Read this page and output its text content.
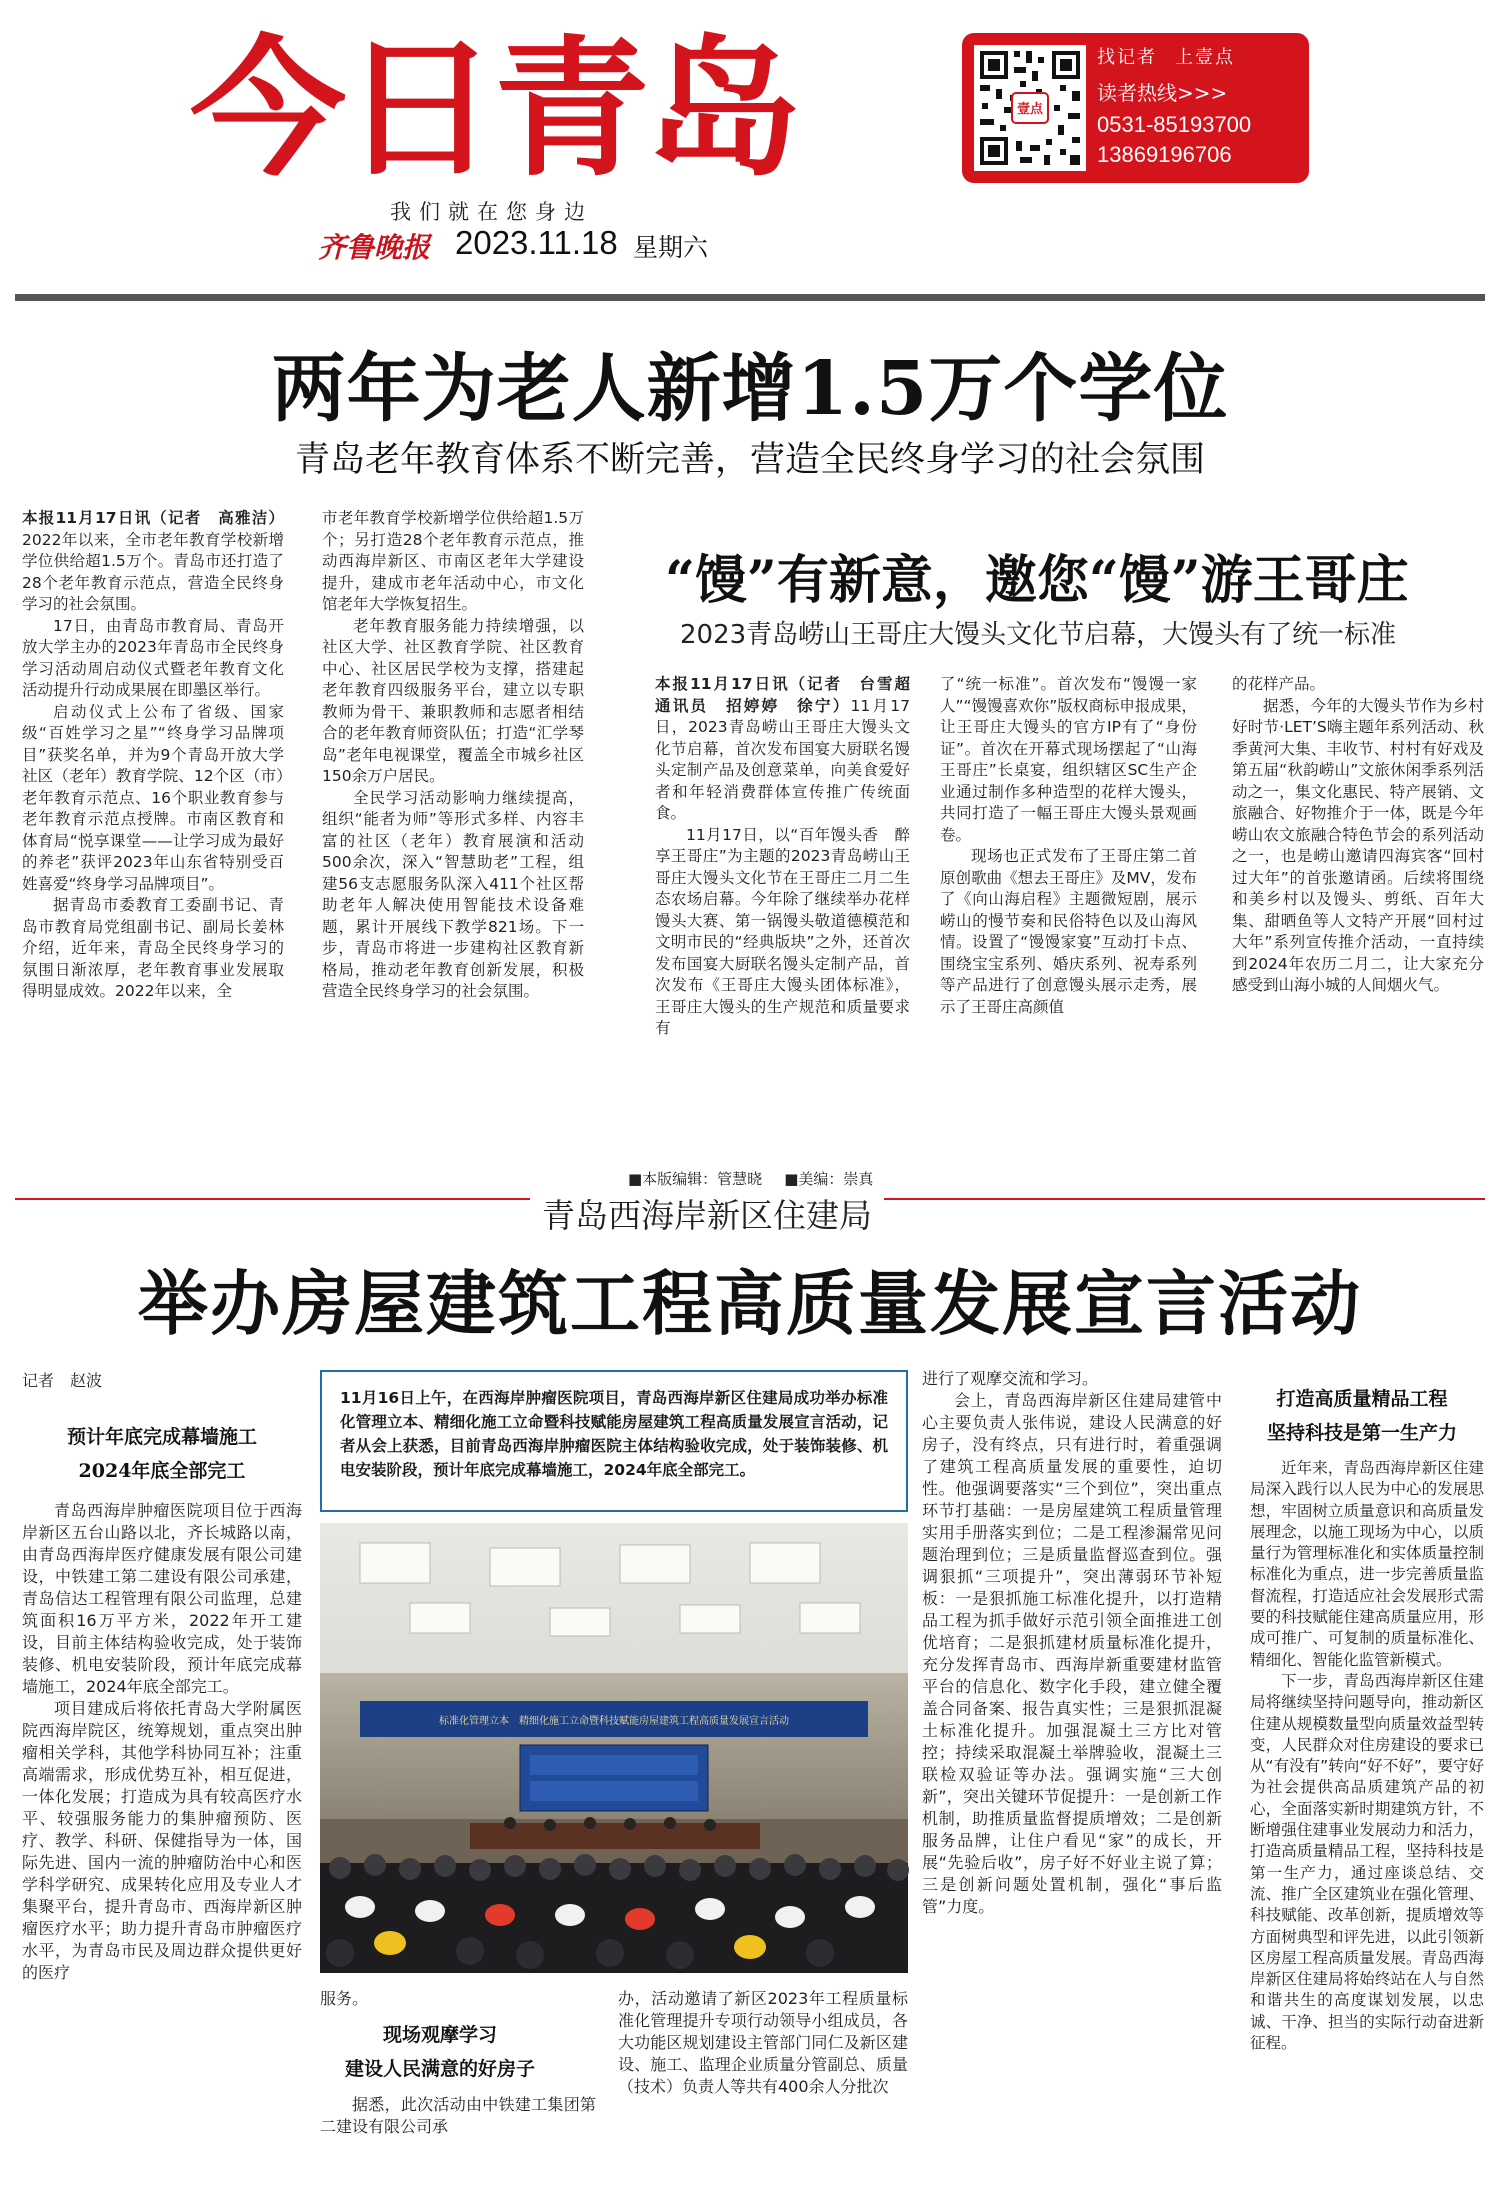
今日青岛
我们就在您身边
齐鲁晚报 2023.11.18 星期六
壹点
找记者 上壹点
读者热线>>>
0531-85193700
13869196706
两年为老人新增1.5万个学位
青岛老年教育体系不断完善，营造全民终身学习的社会氛围

本报11月17日讯（记者　高雅洁）2022年以来，全市老年教育学校新增学位供给超1.5万个。青岛市还打造了28个老年教育示范点，营造全民终身学习的社会氛围。

17日，由青岛市教育局、青岛开放大学主办的2023年青岛市全民终身学习活动周启动仪式暨老年教育文化活动提升行动成果展在即墨区举行。

启动仪式上公布了省级、国家级“百姓学习之星”“终身学习品牌项目”获奖名单，并为9个青岛开放大学社区（老年）教育学院、12个区（市）老年教育示范点、16个职业教育参与老年教育示范点授牌。市南区教育和体育局“悦享课堂——让学习成为最好的养老”获评2023年山东省特别受百姓喜爱“终身学习品牌项目”。

据青岛市委教育工委副书记、青岛市教育局党组副书记、副局长姜林介绍，近年来，青岛全民终身学习的氛围日渐浓厚，老年教育事业发展取得明显成效。2022年以来，全

市老年教育学校新增学位供给超1.5万个；另打造28个老年教育示范点，推动西海岸新区、市南区老年大学建设提升，建成市老年活动中心，市文化馆老年大学恢复招生。

老年教育服务能力持续增强，以社区大学、社区教育学院、社区教育中心、社区居民学校为支撑，搭建起老年教育四级服务平台，建立以专职教师为骨干、兼职教师和志愿者相结合的老年教育师资队伍；打造“汇学琴岛”老年电视课堂，覆盖全市城乡社区150余万户居民。

全民学习活动影响力继续提高，组织“能者为师”等形式多样、内容丰富的社区（老年）教育展演和活动500余次，深入“智慧助老”工程，组建56支志愿服务队深入411个社区帮助老年人解决使用智能技术设备难题，累计开展线下教学821场。下一步，青岛市将进一步建构社区教育新格局，推动老年教育创新发展，积极营造全民终身学习的社会氛围。

“馒”有新意，邀您“馒”游王哥庄
2023青岛崂山王哥庄大馒头文化节启幕，大馒头有了统一标准

本报11月17日讯（记者　台雪超　通讯员　招婷婷　徐宁）11月17日，2023青岛崂山王哥庄大馒头文化节启幕，首次发布国宴大厨联名馒头定制产品及创意菜单，向美食爱好者和年轻消费群体宣传推广传统面食。

11月17日，以“百年馒头香　醉享王哥庄”为主题的2023青岛崂山王哥庄大馒头文化节在王哥庄二月二生态农场启幕。今年除了继续举办花样馒头大赛、第一锅馒头敬道德模范和文明市民的“经典版块”之外，还首次发布国宴大厨联名馒头定制产品，首次发布《王哥庄大馒头团体标准》，王哥庄大馒头的生产规范和质量要求有

了“统一标准”。首次发布“馒馒一家人”“馒馒喜欢你”版权商标申报成果，让王哥庄大馒头的官方IP有了“身份证”。首次在开幕式现场摆起了“山海王哥庄”长桌宴，组织辖区SC生产企业通过制作多种造型的花样大馒头，共同打造了一幅王哥庄大馒头景观画卷。

现场也正式发布了王哥庄第二首原创歌曲《想去王哥庄》及MV，发布了《向山海启程》主题微短剧，展示崂山的慢节奏和民俗特色以及山海风情。设置了“馒馒家宴”互动打卡点、围绕宝宝系列、婚庆系列、祝寿系列等产品进行了创意馒头展示走秀，展示了王哥庄高颜值

的花样产品。

据悉，今年的大馒头节作为乡村好时节·LET’S嗨主题年系列活动、秋季黄河大集、丰收节、村村有好戏及第五届“秋韵崂山”文旅休闲季系列活动之一，集文化惠民、特产展销、文旅融合、好物推介于一体，既是今年崂山农文旅融合特色节会的系列活动之一，也是崂山邀请四海宾客“回村过大年”的首张邀请函。后续将围绕和美乡村以及馒头、剪纸、百年大集、甜晒鱼等人文特产开展“回村过大年”系列宣传推介活动，一直持续到2024年农历二月二，让大家充分感受到山海小城的人间烟火气。

■本版编辑：管慧晓 ■美编：崇真
青岛西海岸新区住建局
举办房屋建筑工程高质量发展宣言活动
记者　赵波
预计年底完成幕墙施工
2024年底全部完工

青岛西海岸肿瘤医院项目位于西海岸新区五台山路以北，齐长城路以南，由青岛西海岸医疗健康发展有限公司建设，中铁建工第二建设有限公司承建，青岛信达工程管理有限公司监理，总建筑面积16万平方米，2022年开工建设，目前主体结构验收完成，处于装饰装修、机电安装阶段，预计年底完成幕墙施工，2024年底全部完工。

项目建成后将依托青岛大学附属医院西海岸院区，统筹规划，重点突出肿瘤相关学科，其他学科协同互补；注重高端需求，形成优势互补，相互促进，一体化发展；打造成为具有较高医疗水平、较强服务能力的集肿瘤预防、医疗、教学、科研、保健指导为一体，国际先进、国内一流的肿瘤防治中心和医学科学研究、成果转化应用及专业人才集聚平台，提升青岛市、西海岸新区肿瘤医疗水平；助力提升青岛市肿瘤医疗水平，为青岛市民及周边群众提供更好的医疗

11月16日上午，在西海岸肿瘤医院项目，青岛西海岸新区住建局成功举办标准化管理立本、精细化施工立命暨科技赋能房屋建筑工程高质量发展宣言活动，记者从会上获悉，目前青岛西海岸肿瘤医院主体结构验收完成，处于装饰装修、机电安装阶段，预计年底完成幕墙施工，2024年底全部完工。
标准化管理立本　精细化施工立命暨科技赋能房屋建筑工程高质量发展宣言活动

服务。

现场观摩学习
建设人民满意的好房子

据悉，此次活动由中铁建工集团第二建设有限公司承

办，活动邀请了新区2023年工程质量标准化管理提升专项行动领导小组成员，各大功能区规划建设主管部门同仁及新区建设、施工、监理企业质量分管副总、质量（技术）负责人等共有400余人分批次

进行了观摩交流和学习。

会上，青岛西海岸新区住建局建管中心主要负责人张伟说，建设人民满意的好房子，没有终点，只有进行时，着重强调了建筑工程高质量发展的重要性，迫切性。他强调要落实“三个到位”，突出重点环节打基础：一是房屋建筑工程质量管理实用手册落实到位；二是工程渗漏常见问题治理到位；三是质量监督巡查到位。强调狠抓“三项提升”，突出薄弱环节补短板：一是狠抓施工标准化提升，以打造精品工程为抓手做好示范引领全面推进工创优培育；二是狠抓建材质量标准化提升，充分发挥青岛市、西海岸新重要建材监管平台的信息化、数字化手段，建立健全覆盖合同备案、报告真实性；三是狠抓混凝土标准化提升。加强混凝土三方比对管控；持续采取混凝土举牌验收，混凝土三联检双验证等办法。强调实施“三大创新”，突出关键环节促提升：一是创新工作机制，助推质量监督提质增效；二是创新服务品牌，让住户看见“家”的成长，开展“先验后收”，房子好不好业主说了算；三是创新问题处置机制，强化“事后监管”力度。

打造高质量精品工程
坚持科技是第一生产力

近年来，青岛西海岸新区住建局深入践行以人民为中心的发展思想，牢固树立质量意识和高质量发展理念，以施工现场为中心，以质量行为管理标准化和实体质量控制标准化为重点，进一步完善质量监督流程，打造适应社会发展形式需要的科技赋能住建高质量应用，形成可推广、可复制的质量标准化、精细化、智能化监管新模式。

下一步，青岛西海岸新区住建局将继续坚持问题导向，推动新区住建从规模数量型向质量效益型转变，人民群众对住房建设的要求已从“有没有”转向“好不好”，要守好为社会提供高品质建筑产品的初心，全面落实新时期建筑方针，不断增强住建事业发展动力和活力，打造高质量精品工程，坚持科技是第一生产力，通过座谈总结、交流、推广全区建筑业在强化管理、科技赋能、改革创新，提质增效等方面树典型和评先进，以此引领新区房屋工程高质量发展。青岛西海岸新区住建局将始终站在人与自然和谐共生的高度谋划发展，以忠诚、干净、担当的实际行动奋进新征程。
